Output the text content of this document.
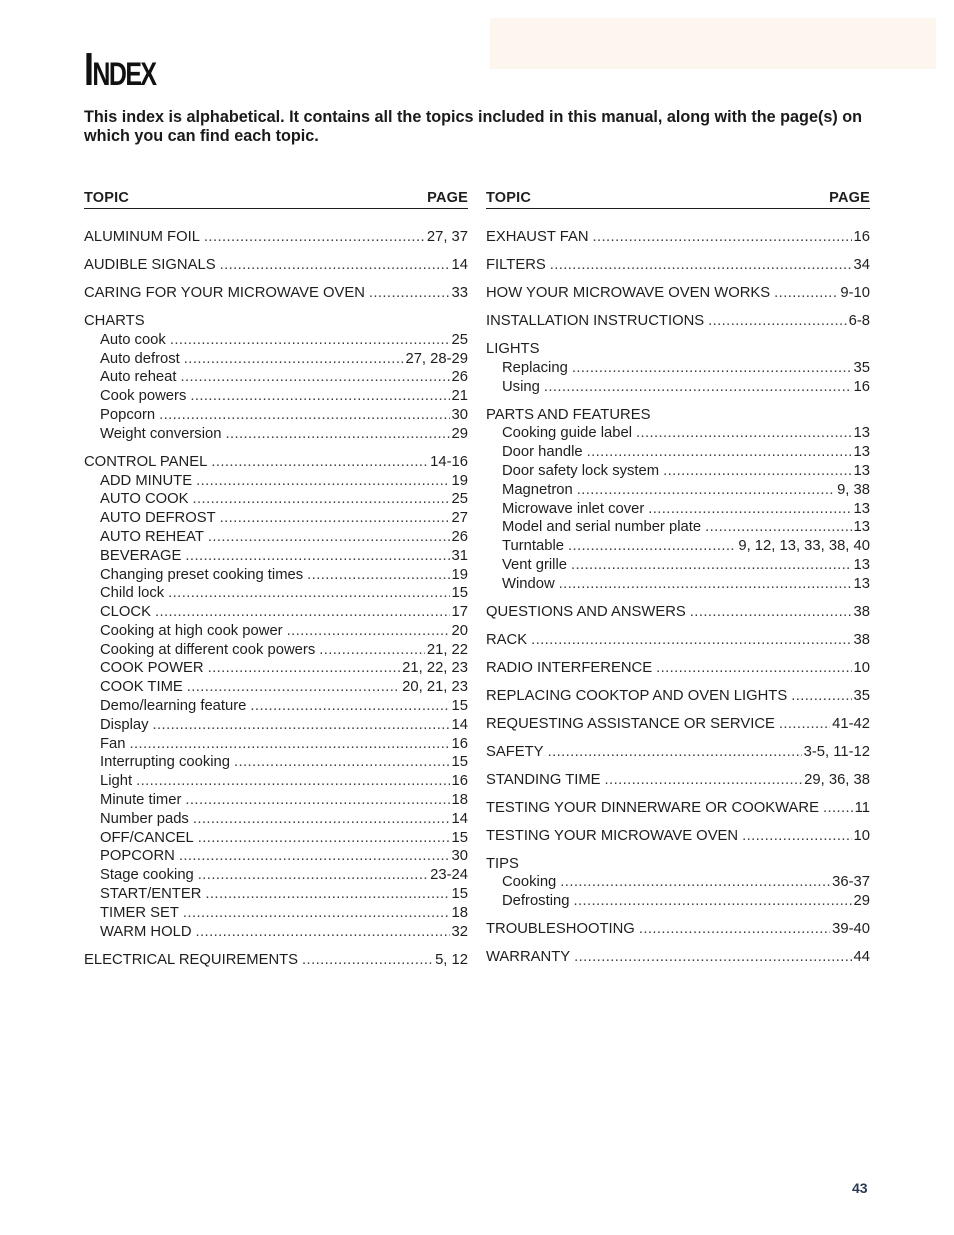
Index
This index is alphabetical. It contains all the topics included in this manual, along with the page(s) on which you can find each topic.
TOPIC	PAGE
ALUMINUM FOIL .....	27, 37
AUDIBLE SIGNALS .....	14
CARING FOR YOUR MICROWAVE OVEN .....	33
CHARTS
Auto cook .....	25
Auto defrost .....	27, 28-29
Auto reheat .....	26
Cook powers .....	21
Popcorn .....	30
Weight conversion .....	29
CONTROL PANEL .....	14-16
ADD MINUTE .....	19
AUTO COOK .....	25
AUTO DEFROST .....	27
AUTO REHEAT .....	26
BEVERAGE .....	31
Changing preset cooking times .....	19
Child lock .....	15
CLOCK .....	17
Cooking at high cook power .....	20
Cooking at different cook powers .....	21, 22
COOK POWER .....	21, 22, 23
COOK TIME .....	20, 21, 23
Demo/learning feature .....	15
Display .....	14
Fan .....	16
Interrupting cooking .....	15
Light .....	16
Minute timer .....	18
Number pads .....	14
OFF/CANCEL .....	15
POPCORN .....	30
Stage cooking .....	23-24
START/ENTER .....	15
TIMER SET .....	18
WARM HOLD .....	32
ELECTRICAL REQUIREMENTS .....	5, 12
TOPIC	PAGE
EXHAUST FAN .....	16
FILTERS .....	34
HOW YOUR MICROWAVE OVEN WORKS .....	9-10
INSTALLATION INSTRUCTIONS .....	6-8
LIGHTS
Replacing .....	35
Using .....	16
PARTS AND FEATURES
Cooking guide label .....	13
Door handle .....	13
Door safety lock system .....	13
Magnetron .....	9, 38
Microwave inlet cover .....	13
Model and serial number plate .....	13
Turntable .....	9, 12, 13, 33, 38, 40
Vent grille .....	13
Window .....	13
QUESTIONS AND ANSWERS .....	38
RACK .....	38
RADIO INTERFERENCE .....	10
REPLACING COOKTOP AND OVEN LIGHTS .....	35
REQUESTING ASSISTANCE OR SERVICE .....	41-42
SAFETY .....	3-5, 11-12
STANDING TIME .....	29, 36, 38
TESTING YOUR DINNERWARE OR COOKWARE ..... 11
TESTING YOUR MICROWAVE OVEN .....	10
TIPS
Cooking .....	36-37
Defrosting .....	29
TROUBLESHOOTING .....	39-40
WARRANTY .....	44
43
